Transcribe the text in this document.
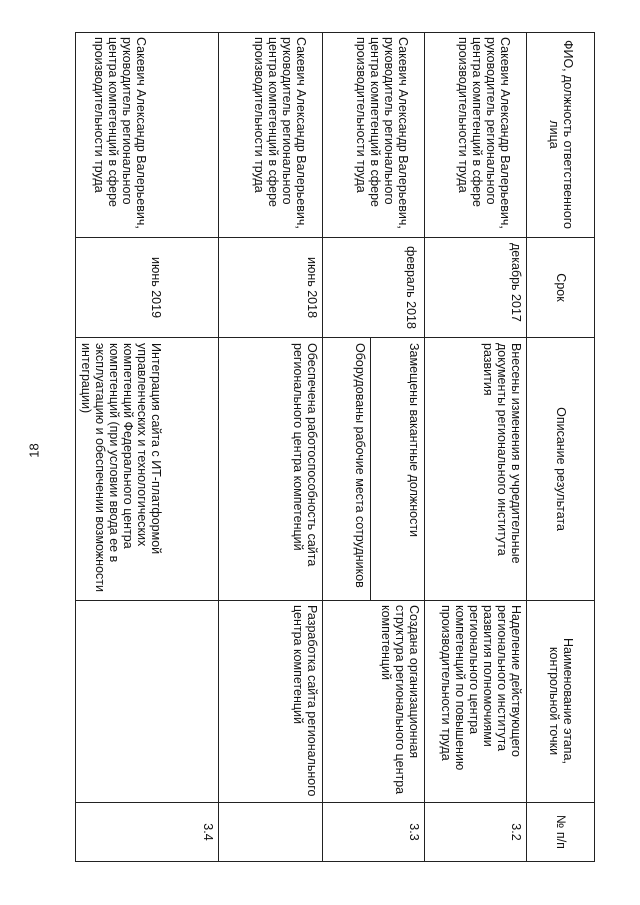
18
№ п/п
Наименование этапа, контрольной точки
Описание результата
Срок
ФИО, должность ответственного лица
3.2
Наделение действующего регионального института развития полномочиями регионального центра компетенций по повышению производительности труда
Внесены изменения в учредительные документы регионального института развития
декабрь 2017
Сакевич Александр Валерьевич, руководитель регионального центра компетенций в сфере производительности труда
3.3
Создана организационная структура регионального центра компетенций
Замещены вакантные должности
Оборудованы рабочие места сотрудников
февраль 2018
Сакевич Александр Валерьевич, руководитель регионального центра компетенций в сфере производительности труда
3.4
Разработка сайта регионального центра компетенций
Обеспечена работоспособность сайта регионального центра компетенций
июнь 2018
Сакевич Александр Валерьевич, руководитель регионального центра компетенций в сфере производительности труда
Интеграция сайта с ИТ-платформой управленческих и технологических компетенций Федерального центра компетенций (при условии ввода ее в эксплуатацию и обеспечении возможности интеграции)
июнь 2019
Сакевич Александр Валерьевич, руководитель регионального центра компетенций в сфере производительности труда
